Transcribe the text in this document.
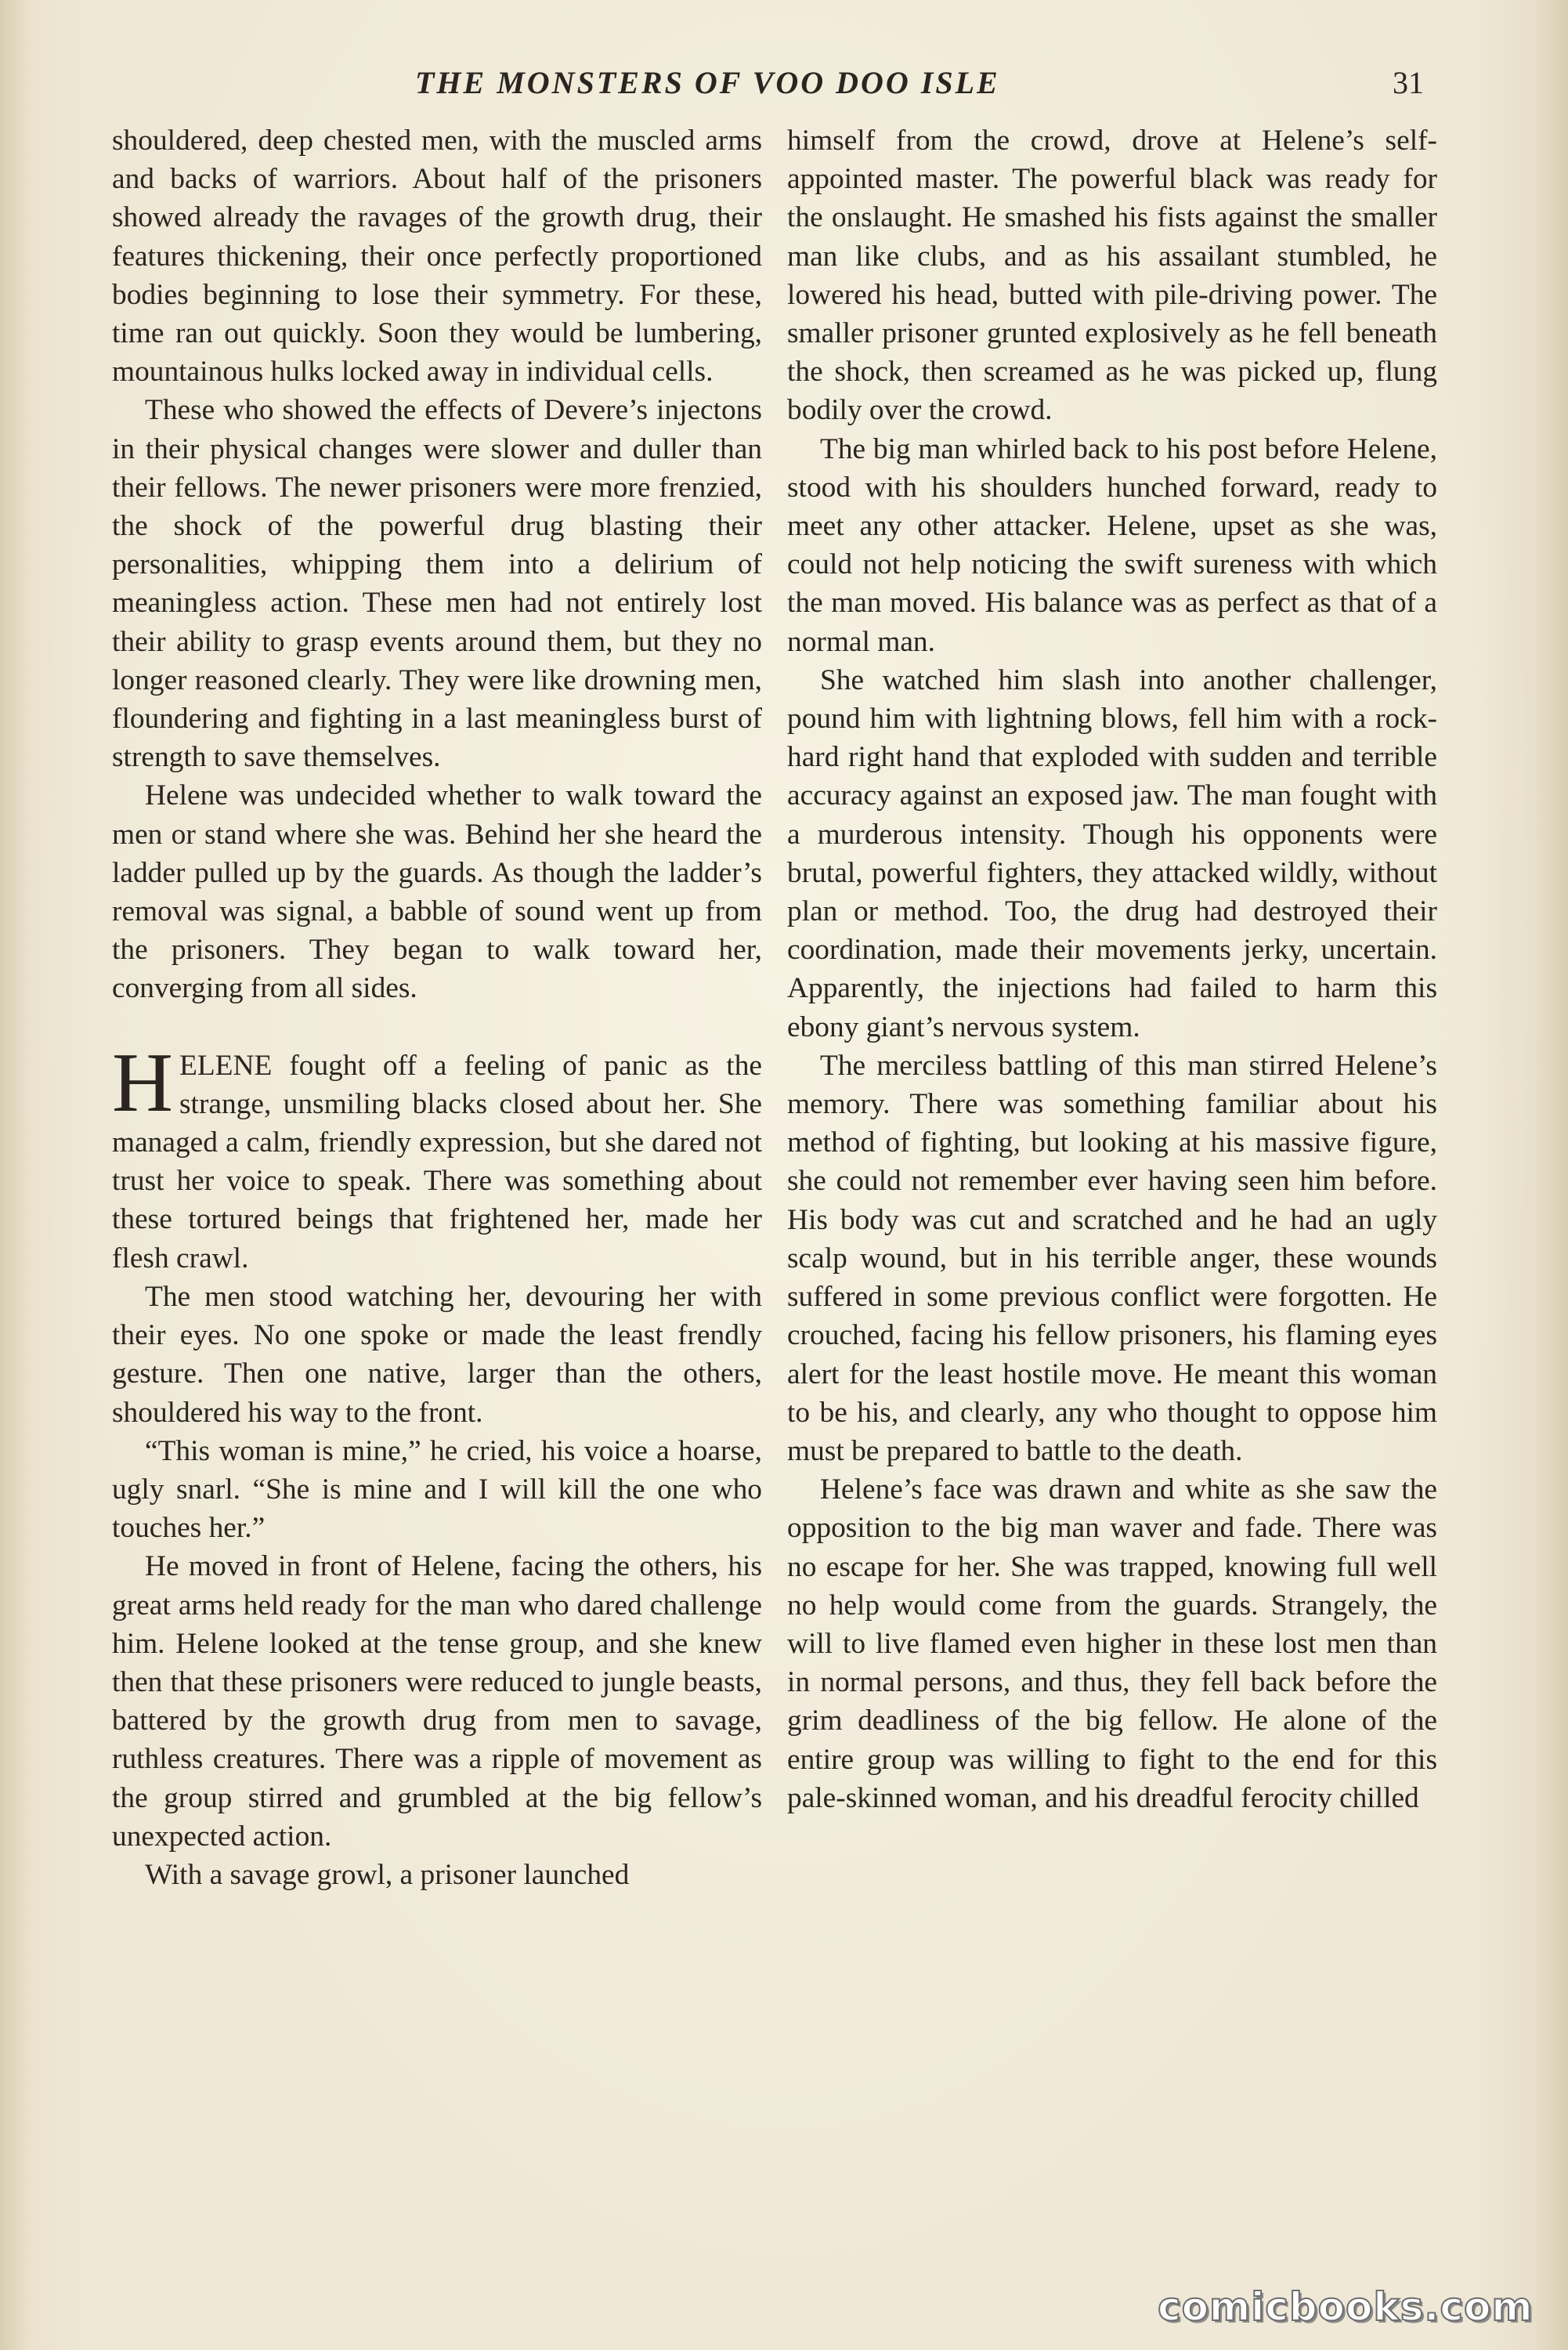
THE MONSTERS OF VOO DOO ISLE	31

shouldered, deep chested men, with the muscled arms and backs of warriors. About half of the prisoners showed already the ravages of the growth drug, their features thickening, their once perfectly proportioned bodies beginning to lose their symmetry. For these, time ran out quickly. Soon they would be lumbering, mountainous hulks locked away in individual cells.

These who showed the effects of Devere’s injectons in their physical changes were slower and duller than their fellows. The newer prisoners were more frenzied, the shock of the powerful drug blasting their personalities, whipping them into a delirium of meaningless action. These men had not entirely lost their ability to grasp events around them, but they no longer reasoned clearly. They were like drowning men, floundering and fighting in a last meaningless burst of strength to save themselves.

Helene was undecided whether to walk toward the men or stand where she was. Behind her she heard the ladder pulled up by the guards. As though the ladder’s removal was signal, a babble of sound went up from the prisoners. They began to walk toward her, converging from all sides.

HELENE fought off a feeling of panic as the strange, unsmiling blacks closed about her. She managed a calm, friendly expression, but she dared not trust her voice to speak. There was something about these tortured beings that frightened her, made her flesh crawl.

The men stood watching her, devouring her with their eyes. No one spoke or made the least frendly gesture. Then one native, larger than the others, shouldered his way to the front.

“This woman is mine,” he cried, his voice a hoarse, ugly snarl. “She is mine and I will kill the one who touches her.”

He moved in front of Helene, facing the others, his great arms held ready for the man who dared challenge him. Helene looked at the tense group, and she knew then that these prisoners were reduced to jungle beasts, battered by the growth drug from men to savage, ruthless creatures. There was a ripple of movement as the group stirred and grumbled at the big fellow’s unexpected action.

With a savage growl, a prisoner launched

himself from the crowd, drove at Helene’s self-appointed master. The powerful black was ready for the onslaught. He smashed his fists against the smaller man like clubs, and as his assailant stumbled, he lowered his head, butted with pile-driving power. The smaller prisoner grunted explosively as he fell beneath the shock, then screamed as he was picked up, flung bodily over the crowd.

The big man whirled back to his post before Helene, stood with his shoulders hunched forward, ready to meet any other attacker. Helene, upset as she was, could not help noticing the swift sureness with which the man moved. His balance was as perfect as that of a normal man.

She watched him slash into another challenger, pound him with lightning blows, fell him with a rock-hard right hand that exploded with sudden and terrible accuracy against an exposed jaw. The man fought with a murderous intensity. Though his opponents were brutal, powerful fighters, they attacked wildly, without plan or method. Too, the drug had destroyed their coordination, made their movements jerky, uncertain. Apparently, the injections had failed to harm this ebony giant’s nervous system.

The merciless battling of this man stirred Helene’s memory. There was something familiar about his method of fighting, but looking at his massive figure, she could not remember ever having seen him before. His body was cut and scratched and he had an ugly scalp wound, but in his terrible anger, these wounds suffered in some previous conflict were forgotten. He crouched, facing his fellow prisoners, his flaming eyes alert for the least hostile move. He meant this woman to be his, and clearly, any who thought to oppose him must be prepared to battle to the death.

Helene’s face was drawn and white as she saw the opposition to the big man waver and fade. There was no escape for her. She was trapped, knowing full well no help would come from the guards. Strangely, the will to live flamed even higher in these lost men than in normal persons, and thus, they fell back before the grim deadliness of the big fellow. He alone of the entire group was willing to fight to the end for this pale-skinned woman, and his dreadful ferocity chilled

comicbooks.com
